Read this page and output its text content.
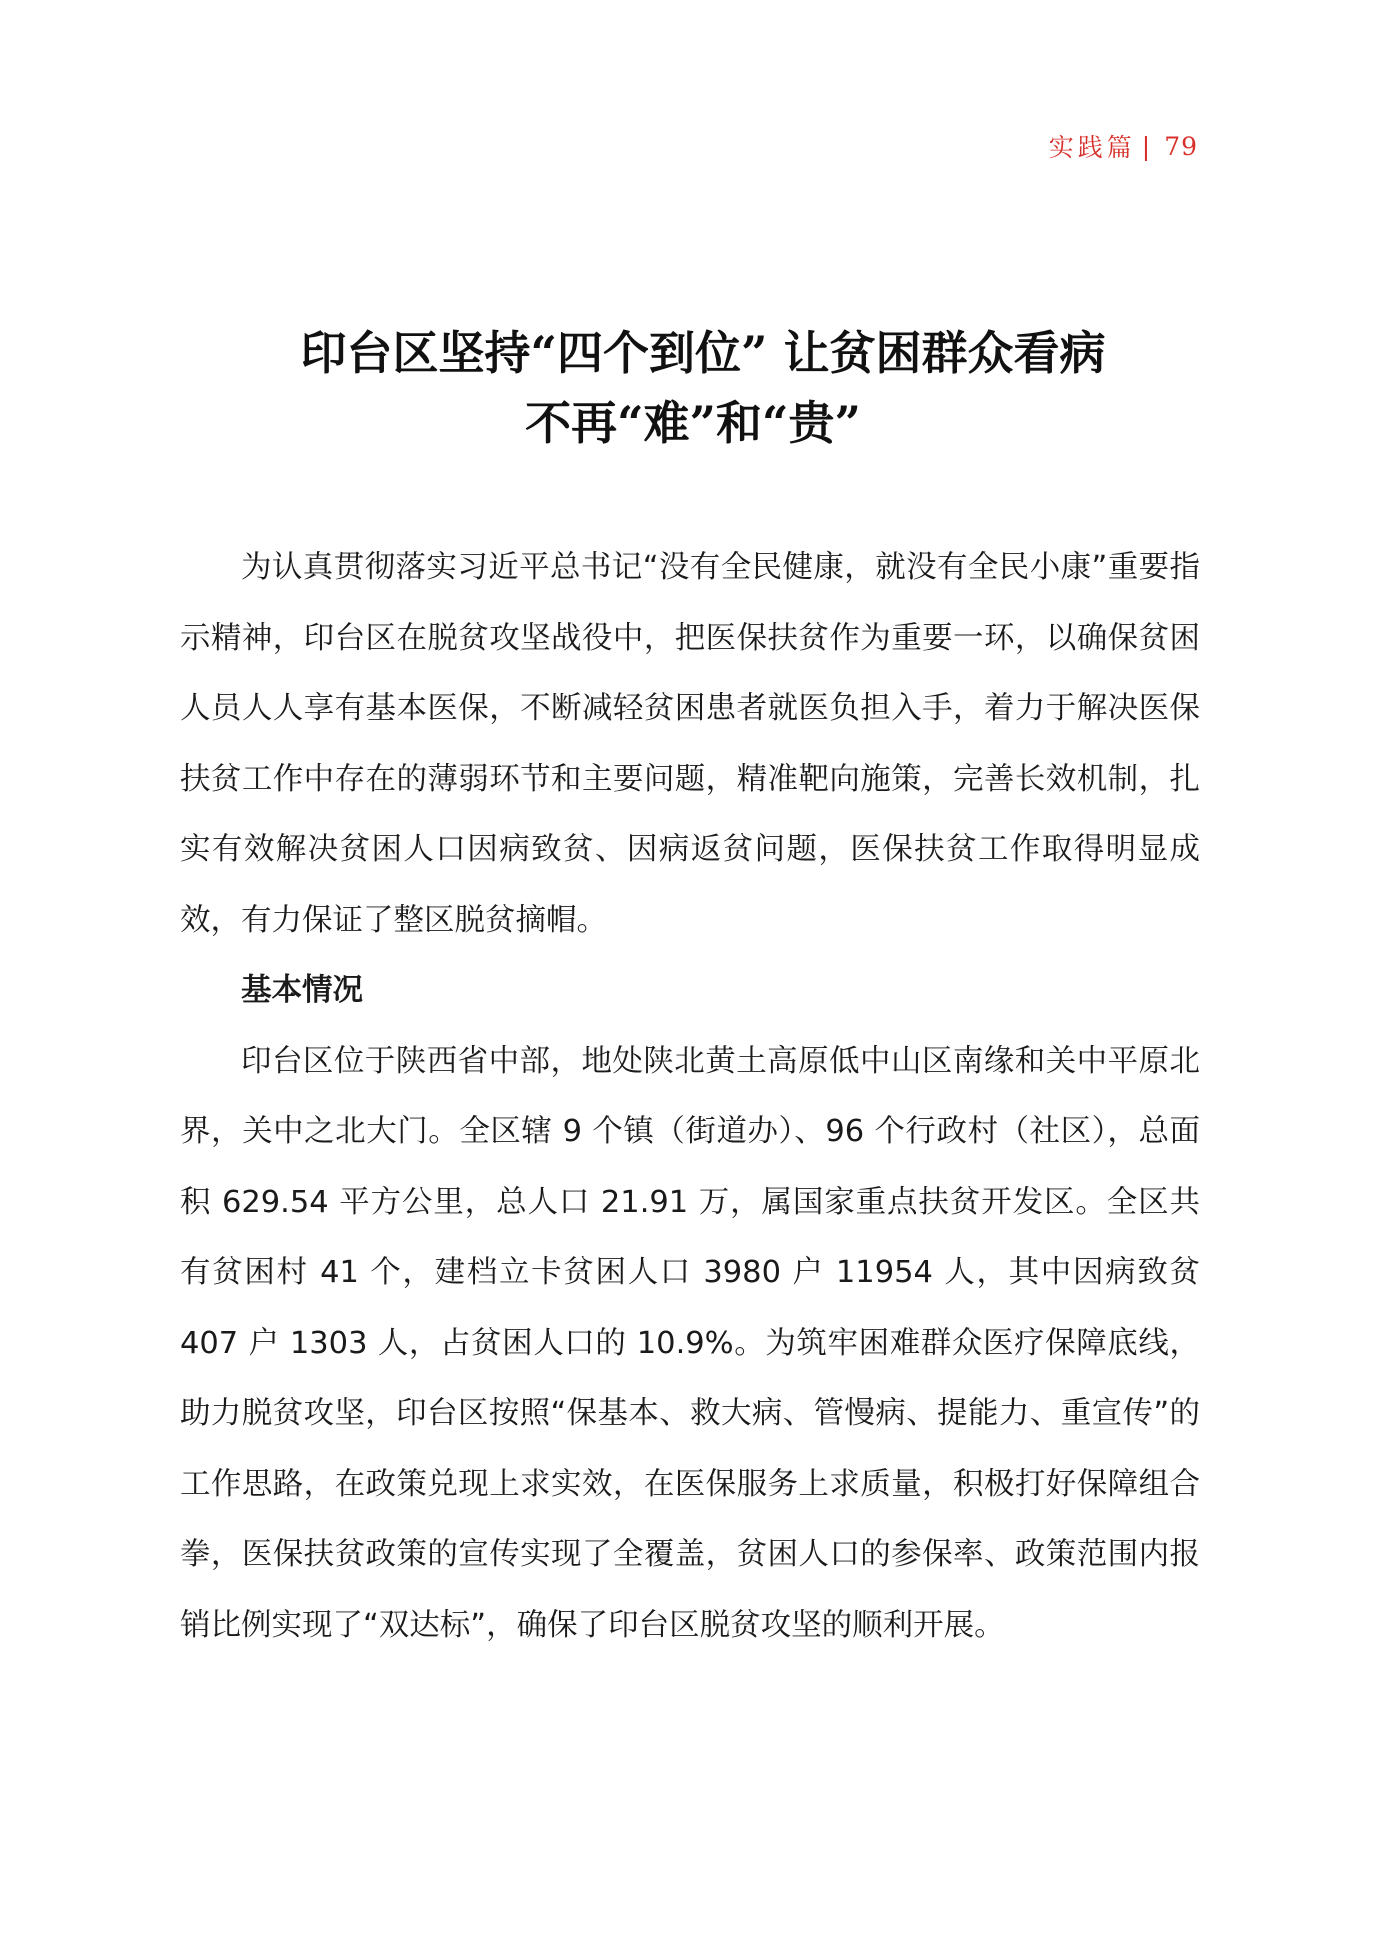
实践篇 | 79
印台区坚持“四个到位” 让贫困群众看病
不再“难”和“贵”

为认真贯彻落实习近平总书记“没有全民健康，就没有全民小康”重要指示精神，印台区在脱贫攻坚战役中，把医保扶贫作为重要一环，以确保贫困人员人人享有基本医保，不断减轻贫困患者就医负担入手，着力于解决医保扶贫工作中存在的薄弱环节和主要问题，精准靶向施策，完善长效机制，扎实有效解决贫困人口因病致贫、因病返贫问题，医保扶贫工作取得明显成效，有力保证了整区脱贫摘帽。

基本情况

印台区位于陕西省中部，地处陕北黄土高原低中山区南缘和关中平原北界，关中之北大门。全区辖 9 个镇（街道办）、96 个行政村（社区），总面积 629.54 平方公里，总人口 21.91 万，属国家重点扶贫开发区。全区共有贫困村 41 个，建档立卡贫困人口 3980 户 11954 人，其中因病致贫 407 户 1303 人，占贫困人口的 10.9%。为筑牢困难群众医疗保障底线，助力脱贫攻坚，印台区按照“保基本、救大病、管慢病、提能力、重宣传”的工作思路，在政策兑现上求实效，在医保服务上求质量，积极打好保障组合拳，医保扶贫政策的宣传实现了全覆盖，贫困人口的参保率、政策范围内报销比例实现了“双达标”，确保了印台区脱贫攻坚的顺利开展。
